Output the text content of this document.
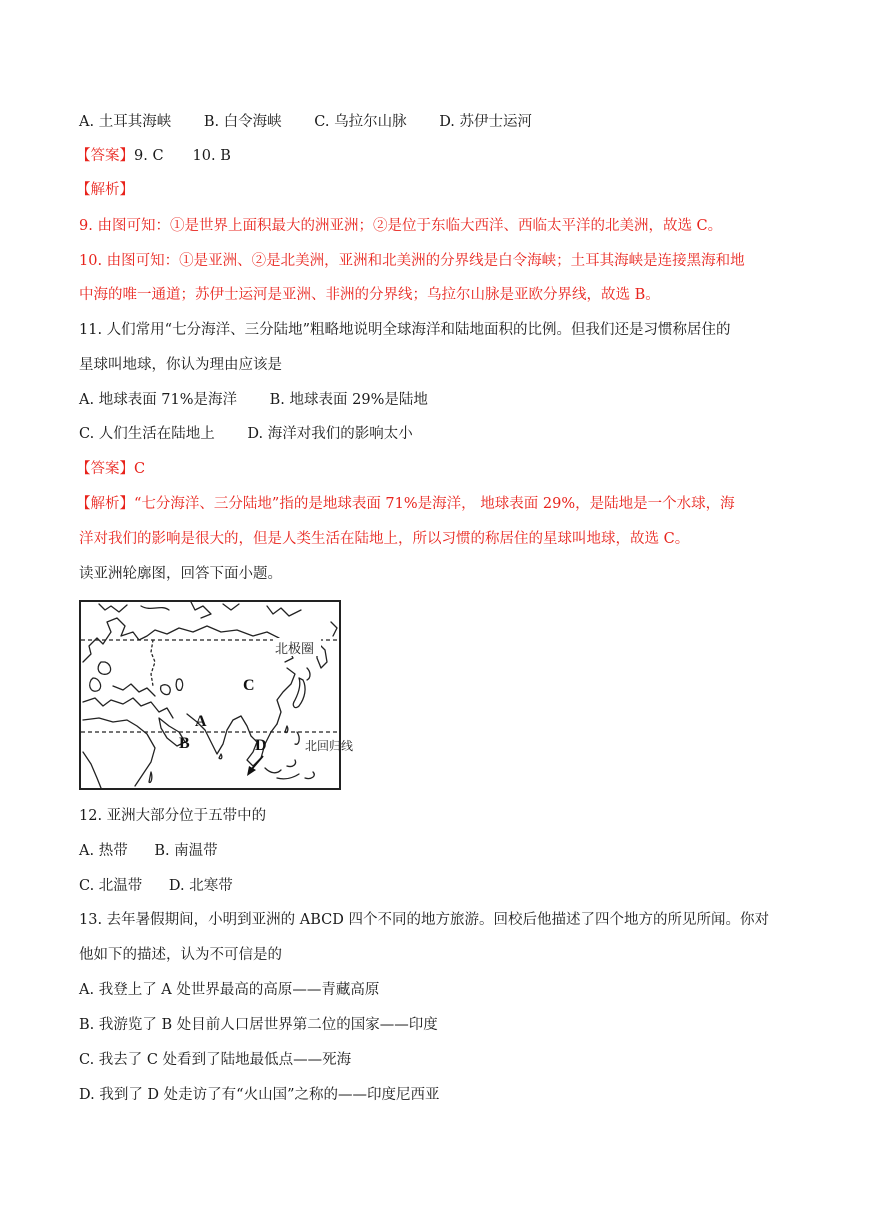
A. 土耳其海峡 B. 白令海峡 C. 乌拉尔山脉 D. 苏伊士运河
【答案】9. C　　10. B
【解析】
9. 由图可知：①是世界上面积最大的洲亚洲；②是位于东临大西洋、西临太平洋的北美洲，故选 C。
10. 由图可知：①是亚洲、②是北美洲，亚洲和北美洲的分界线是白令海峡；土耳其海峡是连接黑海和地
中海的唯一通道；苏伊士运河是亚洲、非洲的分界线；乌拉尔山脉是亚欧分界线，故选 B。
11. 人们常用“七分海洋、三分陆地”粗略地说明全球海洋和陆地面积的比例。但我们还是习惯称居住的
星球叫地球，你认为理由应该是
A. 地球表面 71%是海洋 B. 地球表面 29%是陆地
C. 人们生活在陆地上 D. 海洋对我们的影响太小
【答案】C
【解析】“七分海洋、三分陆地”指的是地球表面 71%是海洋， 地球表面 29%，是陆地是一个水球，海
洋对我们的影响是很大的，但是人类生活在陆地上，所以习惯的称居住的星球叫地球，故选 C。
读亚洲轮廓图，回答下面小题。
北极圈
北回归线
A
B
C
D
12. 亚洲大部分位于五带中的
A. 热带 B. 南温带
C. 北温带 D. 北寒带
13. 去年暑假期间，小明到亚洲的 ABCD 四个不同的地方旅游。回校后他描述了四个地方的所见所闻。你对
他如下的描述，认为不可信是的
A. 我登上了 A 处世界最高的高原——青藏高原
B. 我游览了 B 处目前人口居世界第二位的国家——印度
C. 我去了 C 处看到了陆地最低点——死海
D. 我到了 D 处走访了有“火山国”之称的——印度尼西亚
